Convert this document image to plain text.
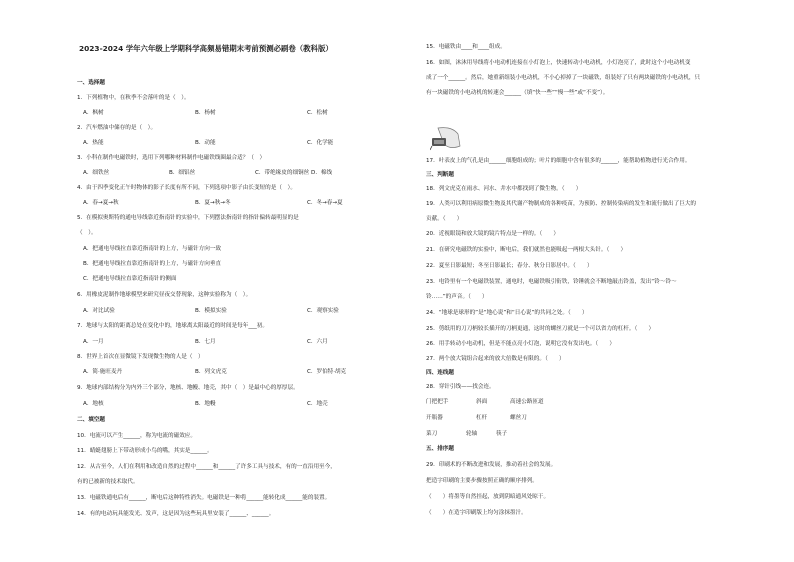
2023-2024 学年六年级上学期科学高频易错期末考前预测必刷卷（教科版）
一、选择题
1．下列植物中，在秋季不会落叶的是（　）。
A．枫树	B．杨树	C．松树
2．汽车燃油中储存的是（　）。
A．热能	B．动能	C．化学能
3．小科在制作电磁铁时，选用下列哪种材料制作电磁铁线圈最合适？（　）
A．细铁丝	B．细铝丝	C．带绝缘皮的细铜丝 D．棉线
4．由于四季变化正午时物体的影子长度有所不同，下列选项中影子由长变短的是（　）。
A．春→夏→秋	B．夏→秋→冬	C．冬→春→夏
5．在模拟奥斯特的通电导线靠近指南针的实验中，下列摆法指南针的指针偏转最明显的是
（　）。
A．把通电导线拉直靠近指南针的上方，与磁针方向一致
B．把通电导线拉直靠近指南针的上方，与磁针方向垂直
C．把通电导线拉直靠近指南针的侧面
6．用橡皮泥制作地球模型来研究昼夜交替现象，这种实验称为（　）。
A．对比试验	B．模拟实验	C．观察实验
7．地球与太阳的距离总处在变化中的，地球离太阳最近的时间是每年___初。
A．一月	B．七月	C．六月
8．世界上首次在显微镜下发现微生物的人是（　）
A．简·施旺麦丹	B．列文虎克	C．罗伯特·胡克
9．地球内部结构分为内外三个部分，地核、地幔、地壳，其中（　）是最中心的厚厚层。
A．地核	B．地幔	C．地壳
二、填空题
10．电流可以产生______，称为电流的磁效应。
11．蜻蜓翅膀上下带动形成小鸟的嘴，其实是______。
12．从古至今，人们在利用和改造自然的过程中______和______了许多工具与技术，有的一直沿用至今，
有的已被新的技术取代。
13．电磁铁通电后有______，断电后这种特性消失。电磁铁是一种将______能转化成______能的装置。
14．有的电动玩具能发光、发声，这是因为这些玩具里安装了______、______。
15．电磁铁由____和____组成。
16．如图，沐沐用导线将小电动机连接在小灯泡上，快速转动小电动机，小灯泡亮了，此时这个小电动机变
成了一个______。然后，她重新组装小电动机，不小心掉掉了一块磁铁，组装好了只有两块磁铁的小电动机，只
有一块磁铁的小电动机的转速会______（填“快一些”“慢一些”或“不变”）。
17．叶表皮上的气孔是由______细胞组成的；叶片的细胞中含有很多的______，能帮助植物进行光合作用。
三、判断题
18．列文虎克在雨水、河水、井水中都找到了微生物。（　　）
19．人类可以利用病原微生物及其代谢产物制成的各种疫苗，为预防、控制传染病的发生和流行做出了巨大的
贡献。（　　）
20．近视眼镜和放大镜的镜片特点是一样的。（　　）
21．在研究电磁铁的实验中，断电后，我们就然也能吸起一两根大头针。（　　）
22．夏至日影最短；冬至日影最长；春分、秋分日影居中。（　　）
23．电铃里有一个电磁铁装置，通电时，电磁铁吸引衔铁，铃锤就会不断地敲击铃盖，发出“铃～铃～
铃……”的声音。（　　）
24．“地球是球形的”是“地心说”和“日心说”的共同之处。（　　）
25．剪纸用的刀刀柄较长插开的刀柄更通，这时的螺丝刀就是一个可以省力的杠杆。（　　）
26．用手转动小电动机，但是不能点亮小灯泡，说明它没有发出电。（　　）
27．两个放大镜组合起来的放大倍数是有限的。（　　）
四、连线题
28．穿针引线——找会连。
门把把手	斜面	高速公路匝道
开瓶器	杠杆	螺丝刀
菜刀	轮轴	筷子
五、排序题
29．印刷术的不断改进和发展，推动着社会的发展。
把造字印刷的主要步骤按照正确的顺序排列。
（　　）将墨等自然挂起，放到阴暗通风处晾干。
（　　）在造字印刷版上均匀涂抹墨汁。
